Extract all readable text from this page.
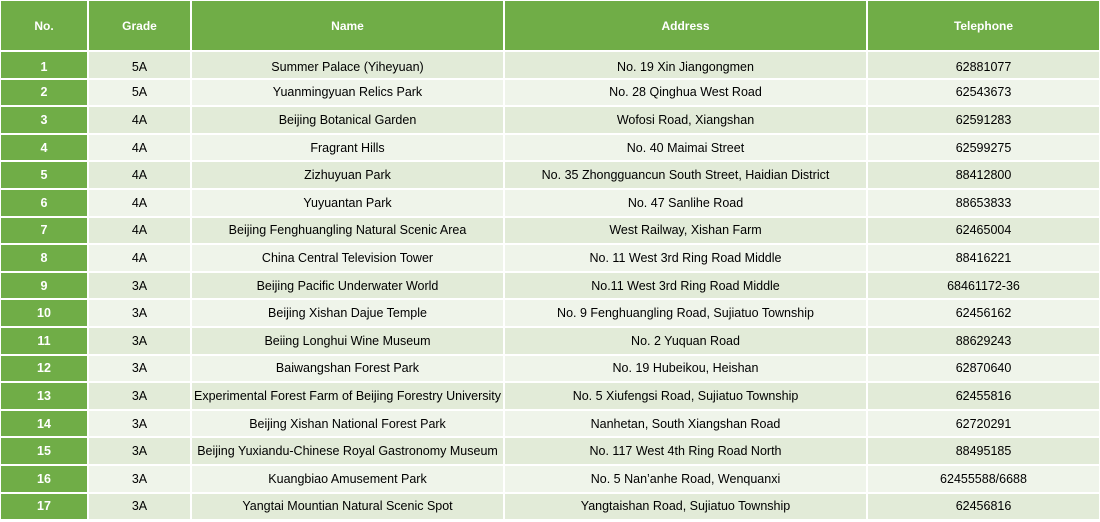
No.	Grade	Name	Address	Telephone
1	5A	Summer Palace (Yiheyuan)	No. 19 Xin Jiangongmen	62881077
2	5A	Yuanmingyuan Relics Park	No. 28 Qinghua West Road	62543673
3	4A	Beijing Botanical Garden	Wofosi Road, Xiangshan	62591283
4	4A	Fragrant Hills	No. 40 Maimai Street	62599275
5	4A	Zizhuyuan Park	No. 35 Zhongguancun South Street, Haidian District	88412800
6	4A	Yuyuantan Park	No. 47 Sanlihe Road	88653833
7	4A	Beijing Fenghuangling Natural Scenic Area	West Railway, Xishan Farm	62465004
8	4A	China Central Television Tower	No. 11 West 3rd Ring Road Middle	88416221
9	3A	Beijing Pacific Underwater World	No.11 West 3rd Ring Road Middle	68461172-36
10	3A	Beijing Xishan Dajue Temple	No. 9 Fenghuangling Road, Sujiatuo Township	62456162
11	3A	Beiing Longhui Wine Museum	No. 2 Yuquan Road	88629243
12	3A	Baiwangshan Forest Park	No. 19 Hubeikou, Heishan	62870640
13	3A	Experimental Forest Farm of Beijing Forestry University	No. 5 Xiufengsi Road, Sujiatuo Township	62455816
14	3A	Beijing Xishan National Forest Park	Nanhetan, South Xiangshan Road	62720291
15	3A	Beijing Yuxiandu-Chinese Royal Gastronomy Museum	No. 117 West 4th Ring Road North	88495185
16	3A	Kuangbiao Amusement Park	No. 5 Nan’anhe Road, Wenquanxi	62455588/6688
17	3A	Yangtai Mountian Natural Scenic Spot	Yangtaishan Road, Sujiatuo Township	62456816
